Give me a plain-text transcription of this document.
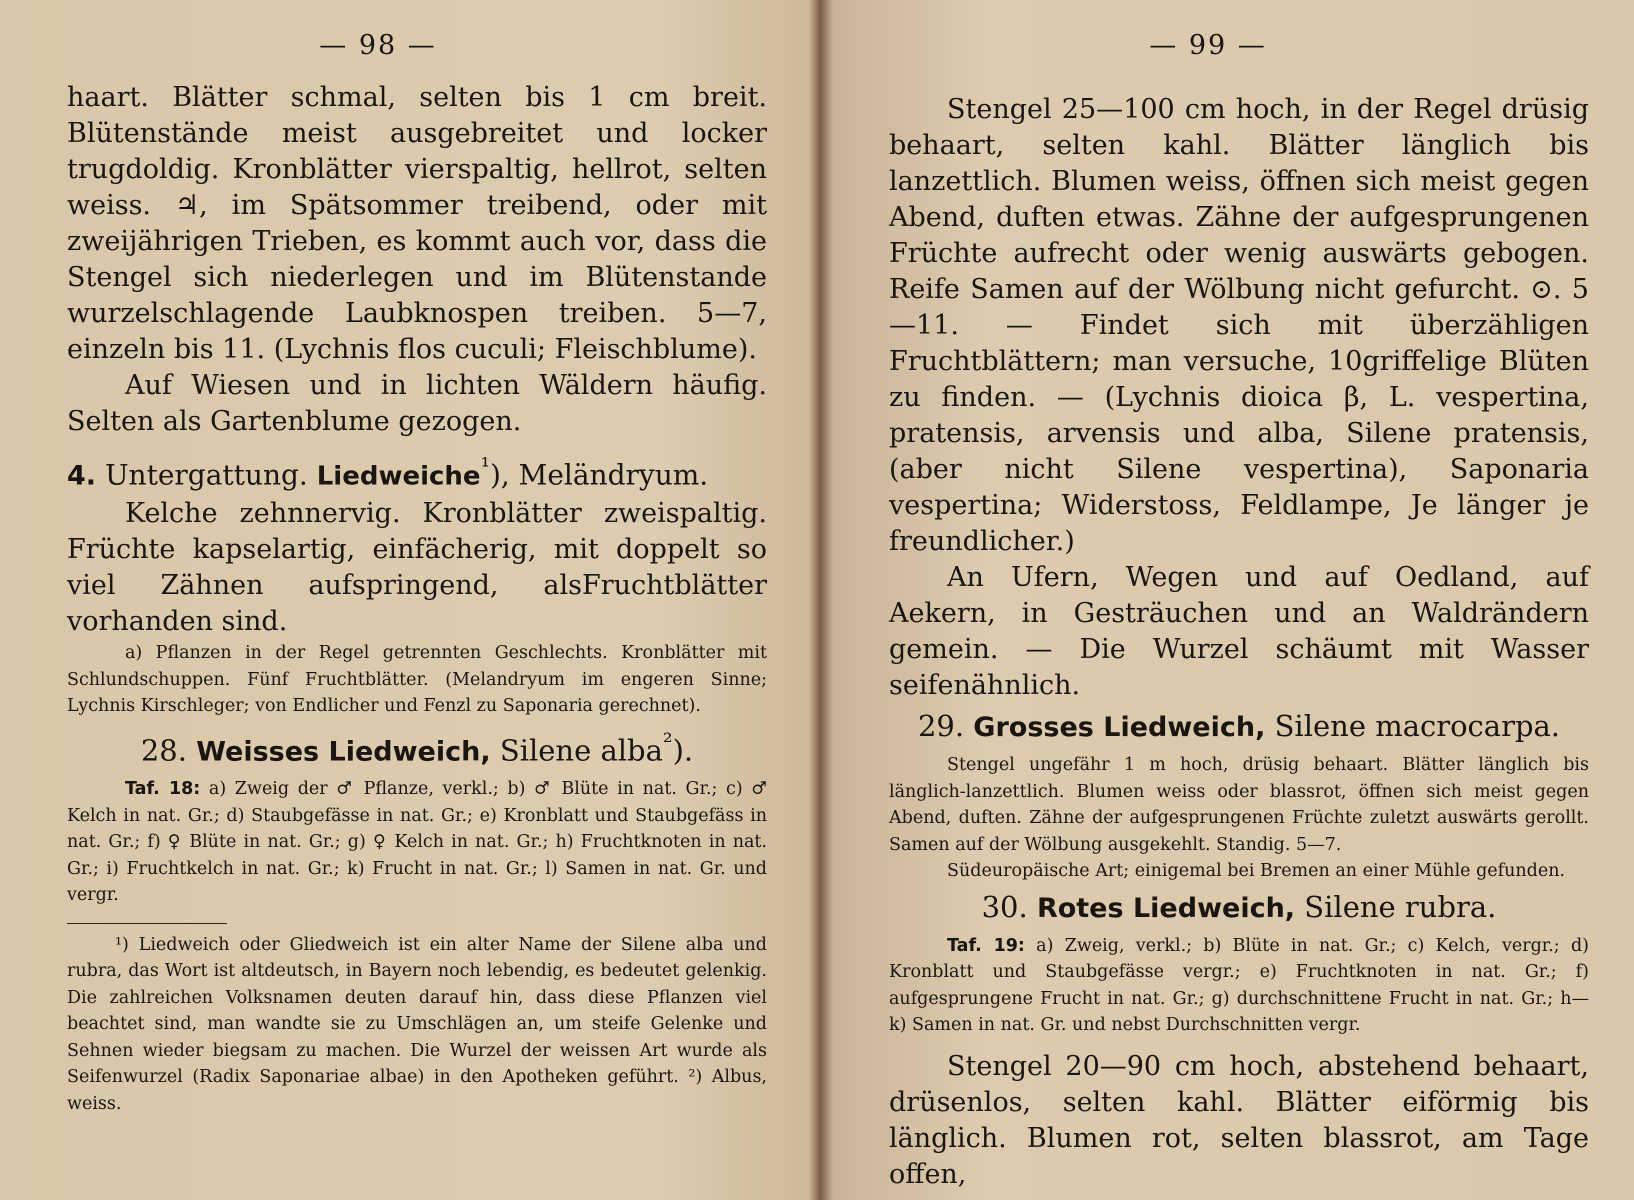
— 98 —

haart. Blätter schmal, selten bis 1 cm breit. Blütenstände meist ausgebreitet und locker trugdoldig. Kronblätter vierspaltig, hellrot, selten weiss. ♃, im Spätsommer treibend, oder mit zweijährigen Trieben, es kommt auch vor, dass die Stengel sich niederlegen und im Blütenstande wurzelschlagende Laubknospen treiben. 5—7, einzeln bis 11. (Lychnis flos cuculi; Fleischblume).

Auf Wiesen und in lichten Wäldern häufig. Selten als Gartenblume gezogen.

4. Untergattung. Liedweiche$^{^1}$), Meländryum.

Kelche zehnnervig. Kronblätter zweispaltig. Früchte kapselartig, einfächerig, mit doppelt so viel Zähnen aufspringend, alsFruchtblätter vorhanden sind.

a) Pflanzen in der Regel getrennten Geschlechts. Kronblätter mit Schlundschuppen. Fünf Fruchtblätter. (Melandryum im engeren Sinne; Lychnis Kirschleger; von Endlicher und Fenzl zu Saponaria gerechnet).

28. Weisses Liedweich, Silene alba$^{^2}$).

Taf. 18: a) Zweig der ♂ Pflanze, verkl.; b) ♂ Blüte in nat. Gr.; c) ♂ Kelch in nat. Gr.; d) Staubgefässe in nat. Gr.; e) Kronblatt und Staubgefäss in nat. Gr.; f) ♀ Blüte in nat. Gr.; g) ♀ Kelch in nat. Gr.; h) Fruchtknoten in nat. Gr.; i) Fruchtkelch in nat. Gr.; k) Frucht in nat. Gr.; l) Samen in nat. Gr. und vergr.

¹) Liedweich oder Gliedweich ist ein alter Name der Silene alba und rubra, das Wort ist altdeutsch, in Bayern noch lebendig, es bedeutet gelenkig. Die zahlreichen Volksnamen deuten darauf hin, dass diese Pflanzen viel beachtet sind, man wandte sie zu Umschlägen an, um steife Gelenke und Sehnen wieder biegsam zu machen. Die Wurzel der weissen Art wurde als Seifenwurzel (Radix Saponariae albae) in den Apotheken geführt. ²) Albus, weiss.

— 99 —

Stengel 25—100 cm hoch, in der Regel drüsig behaart, selten kahl. Blätter länglich bis lanzettlich. Blumen weiss, öffnen sich meist gegen Abend, duften etwas. Zähne der aufgesprungenen Früchte aufrecht oder wenig auswärts gebogen. Reife Samen auf der Wölbung nicht gefurcht. ⊙. 5—11. — Findet sich mit überzähligen Fruchtblättern; man versuche, 10griffelige Blüten zu finden. — (Lychnis dioica β, L. vespertina, pratensis, arvensis und alba, Silene pratensis, (aber nicht Silene vespertina), Saponaria vespertina; Widerstoss, Feldlampe, Je länger je freundlicher.)

An Ufern, Wegen und auf Oedland, auf Aekern, in Gesträuchen und an Waldrändern gemein. — Die Wurzel schäumt mit Wasser seifenähnlich.

29. Grosses Liedweich, Silene macrocarpa.

Stengel ungefähr 1 m hoch, drüsig behaart. Blätter länglich bis länglich-lanzettlich. Blumen weiss oder blassrot, öffnen sich meist gegen Abend, duften. Zähne der aufgesprungenen Früchte zuletzt auswärts gerollt. Samen auf der Wölbung ausgekehlt. Standig. 5—7.

Südeuropäische Art; einigemal bei Bremen an einer Mühle gefunden.

30. Rotes Liedweich, Silene rubra.

Taf. 19: a) Zweig, verkl.; b) Blüte in nat. Gr.; c) Kelch, vergr.; d) Kronblatt und Staubgefässe vergr.; e) Fruchtknoten in nat. Gr.; f) aufgesprungene Frucht in nat. Gr.; g) durchschnittene Frucht in nat. Gr.; h—k) Samen in nat. Gr. und nebst Durchschnitten vergr.

Stengel 20—90 cm hoch, abstehend behaart, drüsenlos, selten kahl. Blätter eiförmig bis länglich. Blumen rot, selten blassrot, am Tage offen,
